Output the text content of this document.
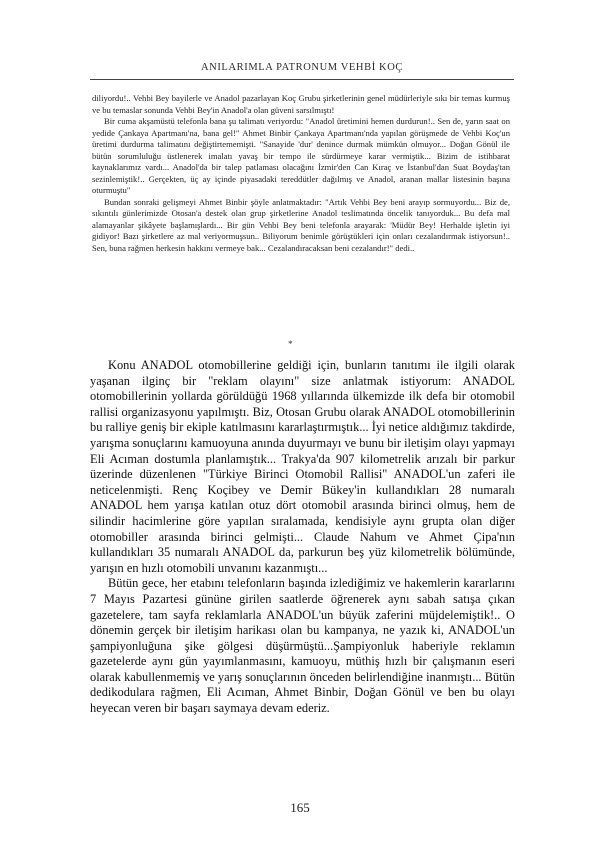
ANILARIMLA PATRONUM VEHBİ KOÇ

diliyordu!.. Vehbi Bey bayilerle ve Anadol pazarlayan Koç Grubu şirketlerinin genel müdürleriyle sıkı bir temas kurmuş ve bu temaslar sonunda Vehbi Bey'in Anadol'a olan güveni sarsılmıştı!

Bir cuma akşamüstü telefonla bana şu talimatı veriyordu: "Anadol üretimini hemen durdurun!.. Sen de, yarın saat on yedide Çankaya Apartmanı'na, bana gel!" Ahmet Binbir Çankaya Apartmanı'nda yapılan görüşmede de Vehbi Koç'un üretimi durdurma talimatını değiştirtememişti. "Sanayide 'dur' denince durmak mümkün olmuyor... Doğan Gönül ile bütün sorumluluğu üstlenerek imalatı yavaş bir tempo ile sürdürmeye karar vermiştik... Bizim de istihbarat kaynaklarımız vardı... Anadol'da bir talep patlaması olacağını İzmir'den Can Kıraç ve İstanbul'dan Suat Boydaş'tan sezinlemiştik!.. Gerçekten, üç ay içinde piyasadaki tereddütler dağılmış ve Anadol, aranan mallar listesinin başına oturmuştu"

Bundan sonraki gelişmeyi Ahmet Binbir şöyle anlatmaktadır: "Artık Vehbi Bey beni arayıp sormuyordu... Biz de, sıkıntılı günlerimizde Otosan'a destek olan grup şirketlerine Anadol teslimatında öncelik tanıyorduk... Bu defa mal alamayanlar şikâyete başlamışlardı... Bir gün Vehbi Bey beni telefonla arayarak: 'Müdür Bey! Herhalde işletin iyi gidiyor! Bazı şirketlere az mal veriyormuşsun.. Biliyorum benimle görüştükleri için onları cezalandırmak istiyorsun!.. Sen, buna rağmen herkesin hakkını vermeye bak... Cezalandıracaksan beni cezalandır!" dedi..

*

Konu ANADOL otomobillerine geldiği için, bunların tanıtımı ile ilgili olarak yaşanan ilginç bir "reklam olayını" size anlatmak istiyorum: ANADOL otomobillerinin yollarda görüldüğü 1968 yıllarında ülkemizde ilk defa bir otomobil rallisi organizasyonu yapılmıştı. Biz, Otosan Grubu olarak ANADOL otomobillerinin bu ralliye geniş bir ekiple katılmasını kararlaştırmıştık... İyi netice aldığımız takdirde, yarışma sonuçlarını kamuoyuna anında duyurmayı ve bunu bir iletişim olayı yapmayı Eli Acıman dostumla planlamıştık... Trakya'da 907 kilometrelik arızalı bir parkur üzerinde düzenlenen "Türkiye Birinci Otomobil Rallisi" ANADOL'un zaferi ile neticelenmişti. Renç Koçibey ve Demir Bükey'in kullandıkları 28 numaralı ANADOL hem yarışa katılan otuz dört otomobil arasında birinci olmuş, hem de silindir hacimlerine göre yapılan sıralamada, kendisiyle aynı grupta olan diğer otomobiller arasında birinci gelmişti... Claude Nahum ve Ahmet Çipa'nın kullandıkları 35 numaralı ANADOL da, parkurun beş yüz kilometrelik bölümünde, yarışın en hızlı otomobili unvanını kazanmıştı...

Bütün gece, her etabını telefonların başında izlediğimiz ve hakemlerin kararlarını 7 Mayıs Pazartesi gününe girilen saatlerde öğrenerek aynı sabah satışa çıkan gazetelere, tam sayfa reklamlarla ANADOL'un büyük zaferini müjdelemiştik!.. O dönemin gerçek bir iletişim harikası olan bu kampanya, ne yazık ki, ANADOL'un şampiyonluğuna şike gölgesi düşürmüştü...Şampiyonluk haberiyle reklamın gazetelerde aynı gün yayımlanmasını, kamuoyu, müthiş hızlı bir çalışmanın eseri olarak kabullenmemiş ve yarış sonuçlarının önceden belirlendiğine inanmıştı... Bütün dedikodulara rağmen, Eli Acıman, Ahmet Binbir, Doğan Gönül ve ben bu olayı heyecan veren bir başarı saymaya devam ederiz.

165
